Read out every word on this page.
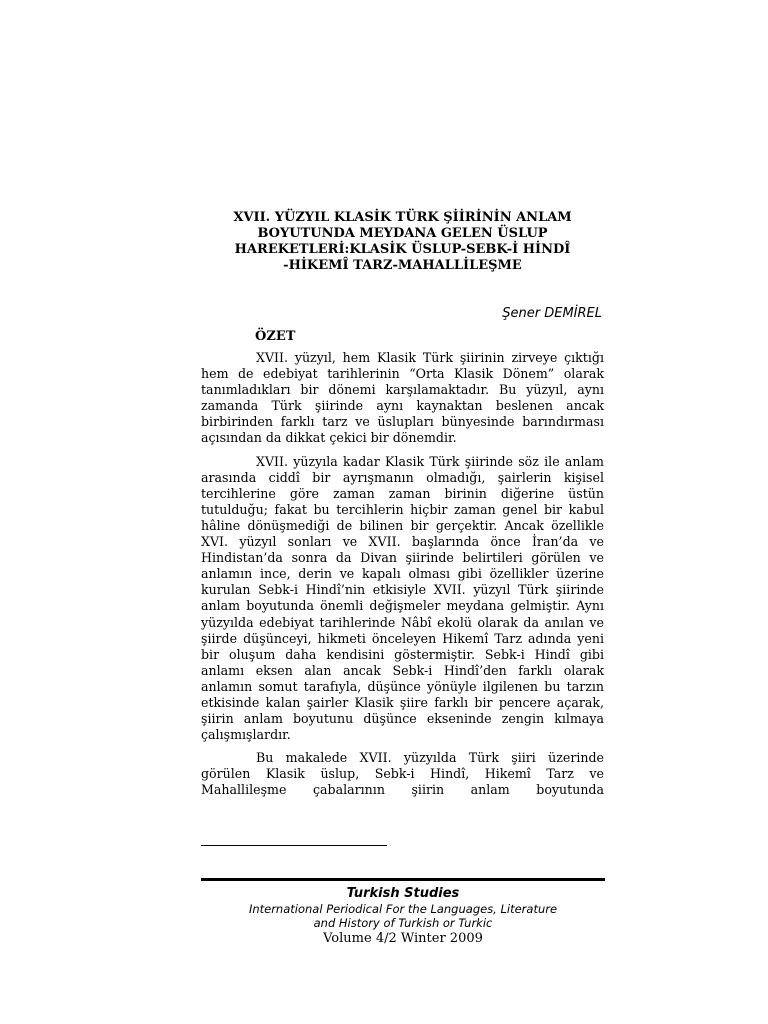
XVII. YÜZYIL KLASİK TÜRK ŞİİRİNİN ANLAM
BOYUTUNDA MEYDANA GELEN ÜSLUP
HAREKETLERİ:KLASİK ÜSLUP-SEBK-İ HİNDÎ
-HİKEMÎ TARZ-MAHALLİLEŞME
Şener DEMİREL
ÖZET

XVII. yüzyıl, hem Klasik Türk şiirinin zirveye çıktığı hem de edebiyat tarihlerinin “Orta Klasik Dönem” olarak tanımladıkları bir dönemi karşılamaktadır. Bu yüzyıl, aynı zamanda Türk şiirinde aynı kaynaktan beslenen ancak birbirinden farklı tarz ve üslupları bünyesinde barındırması açısından da dikkat çekici bir dönemdir.

XVII. yüzyıla kadar Klasik Türk şiirinde söz ile anlam arasında ciddî bir ayrışmanın olmadığı, şairlerin kişisel tercihlerine göre zaman zaman birinin diğerine üstün tutulduğu; fakat bu tercihlerin hiçbir zaman genel bir kabul hâline dönüşmediği de bilinen bir gerçektir. Ancak özellikle XVI. yüzyıl sonları ve XVII. başlarında önce İran’da ve Hindistan’da sonra da Divan şiirinde belirtileri görülen ve anlamın ince, derin ve kapalı olması gibi özellikler üzerine kurulan Sebk-i Hindî’nin etkisiyle XVII. yüzyıl Türk şiirinde anlam boyutunda önemli değişmeler meydana gelmiştir. Aynı yüzyılda edebiyat tarihlerinde Nâbî ekolü olarak da anılan ve şiirde düşünceyi, hikmeti önceleyen Hikemî Tarz adında yeni bir oluşum daha kendisini göstermiştir. Sebk-i Hindî gibi anlamı eksen alan ancak Sebk-i Hindî’den farklı olarak anlamın somut tarafıyla, düşünce yönüyle ilgilenen bu tarzın etkisinde kalan şairler Klasik şiire farklı bir pencere açarak, şiirin anlam boyutunu düşünce ekseninde zengin kılmaya çalışmışlardır.

Bu makalede XVII. yüzyılda Türk şiiri üzerinde görülen Klasik üslup, Sebk-i Hindî, Hikemî Tarz ve Mahallileşme çabalarının şiirin anlam boyutunda

Turkish Studies
International Periodical For the Languages, Literature
and History of Turkish or Turkic
Volume 4/2 Winter 2009
